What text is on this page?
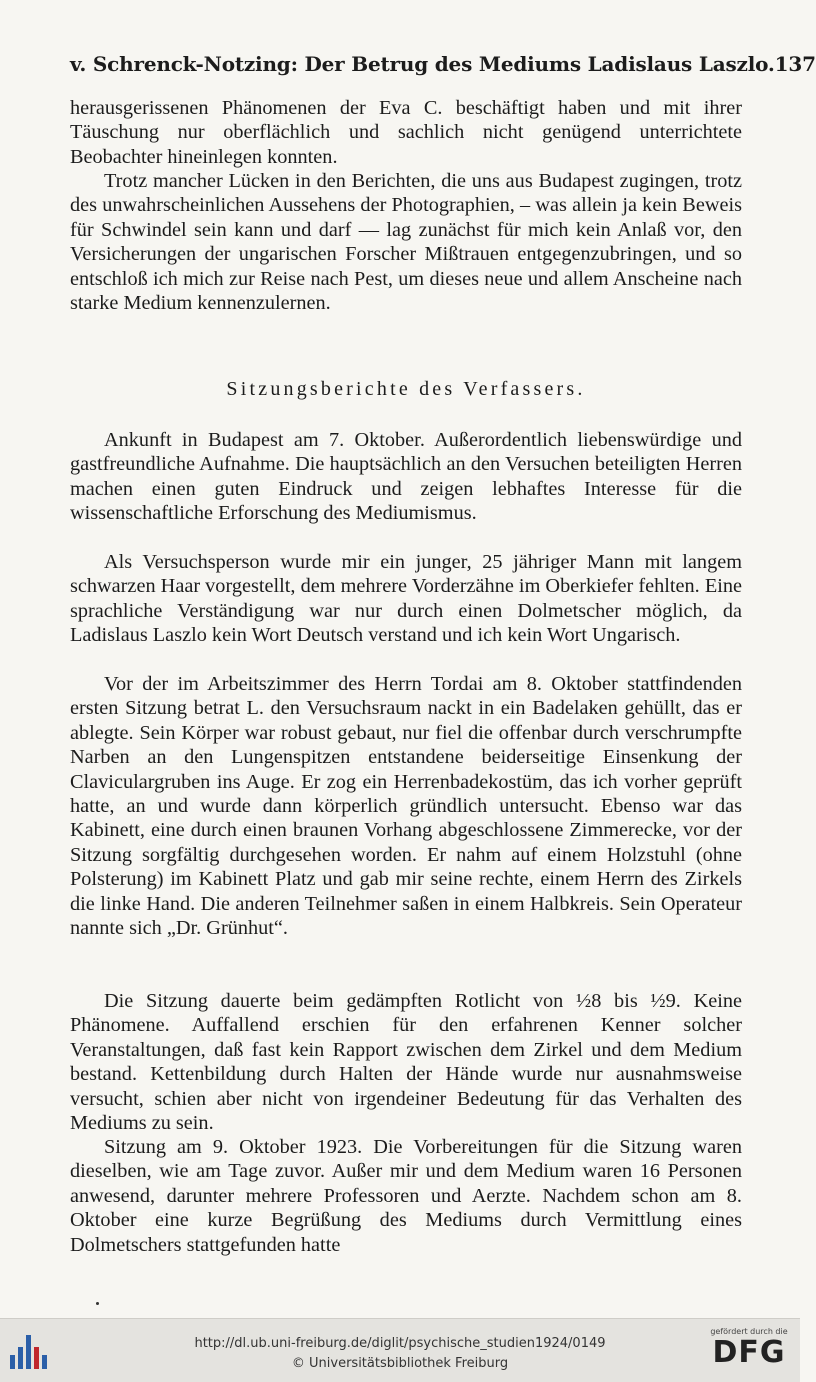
v. Schrenck-Notzing: Der Betrug des Mediums Ladislaus Laszlo. 137

herausgerissenen Phänomenen der Eva C. beschäftigt haben und mit ihrer Täuschung nur oberflächlich und sachlich nicht genügend unterrichtete Beobachter hineinlegen konnten.

Trotz mancher Lücken in den Berichten, die uns aus Budapest zugingen, trotz des unwahrscheinlichen Aussehens der Photographien, – was allein ja kein Beweis für Schwindel sein kann und darf — lag zunächst für mich kein Anlaß vor, den Versicherungen der ungarischen Forscher Mißtrauen entgegenzubringen, und so entschloß ich mich zur Reise nach Pest, um dieses neue und allem Anscheine nach starke Medium kennenzulernen.

Sitzungsberichte des Verfassers.

Ankunft in Budapest am 7. Oktober. Außerordentlich liebenswürdige und gastfreundliche Aufnahme. Die hauptsächlich an den Versuchen beteiligten Herren machen einen guten Eindruck und zeigen lebhaftes Interesse für die wissenschaftliche Erforschung des Mediumismus.

Als Versuchsperson wurde mir ein junger, 25 jähriger Mann mit langem schwarzen Haar vorgestellt, dem mehrere Vorderzähne im Oberkiefer fehlten. Eine sprachliche Verständigung war nur durch einen Dolmetscher möglich, da Ladislaus Laszlo kein Wort Deutsch verstand und ich kein Wort Ungarisch.

Vor der im Arbeitszimmer des Herrn Tordai am 8. Oktober stattfindenden ersten Sitzung betrat L. den Versuchsraum nackt in ein Badelaken gehüllt, das er ablegte. Sein Körper war robust gebaut, nur fiel die offenbar durch verschrumpfte Narben an den Lungenspitzen entstandene beiderseitige Einsenkung der Claviculargruben ins Auge. Er zog ein Herrenbadekostüm, das ich vorher geprüft hatte, an und wurde dann körperlich gründlich untersucht. Ebenso war das Kabinett, eine durch einen braunen Vorhang abgeschlossene Zimmerecke, vor der Sitzung sorgfältig durchgesehen worden. Er nahm auf einem Holzstuhl (ohne Polsterung) im Kabinett Platz und gab mir seine rechte, einem Herrn des Zirkels die linke Hand. Die anderen Teilnehmer saßen in einem Halbkreis. Sein Operateur nannte sich „Dr. Grünhut“.

Die Sitzung dauerte beim gedämpften Rotlicht von ½8 bis ½9. Keine Phänomene. Auffallend erschien für den erfahrenen Kenner solcher Veranstaltungen, daß fast kein Rapport zwischen dem Zirkel und dem Medium bestand. Kettenbildung durch Halten der Hände wurde nur ausnahmsweise versucht, schien aber nicht von irgendeiner Bedeutung für das Verhalten des Mediums zu sein.

Sitzung am 9. Oktober 1923. Die Vorbereitungen für die Sitzung waren dieselben, wie am Tage zuvor. Außer mir und dem Medium waren 16 Personen anwesend, darunter mehrere Professoren und Aerzte. Nachdem schon am 8. Oktober eine kurze Begrüßung des Mediums durch Vermittlung eines Dolmetschers stattgefunden hatte

http://dl.ub.uni-freiburg.de/diglit/psychische_studien1924/0149
© Universitätsbibliothek Freiburg
gefördert durch die
DFG
